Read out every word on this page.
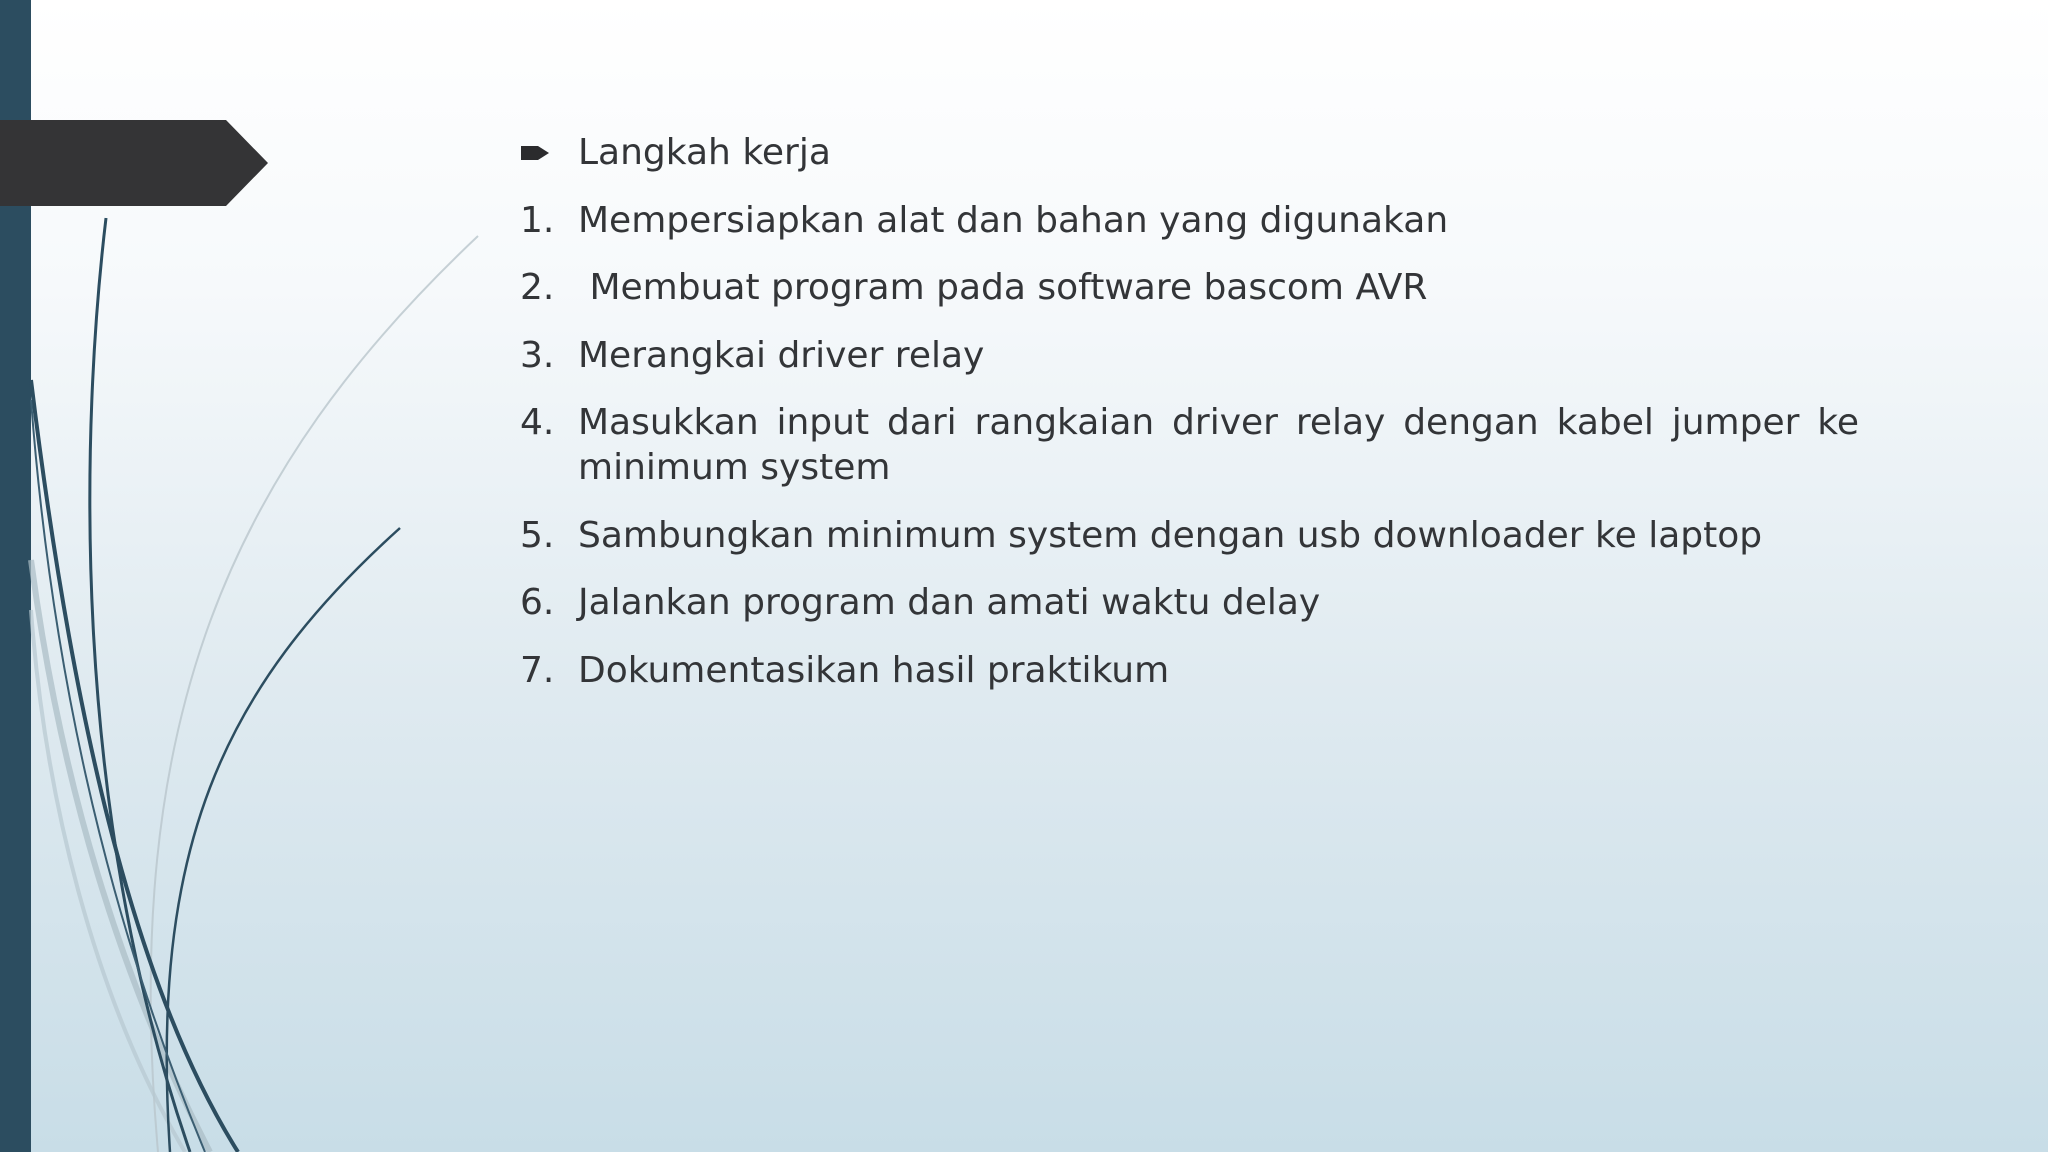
Langkah kerja
1. Mempersiapkan alat dan bahan yang digunakan
2. Membuat program pada software bascom AVR
3. Merangkai driver relay
4. Masukkan input dari rangkaian driver relay dengan kabel jumper ke minimum system
5. Sambungkan minimum system dengan usb downloader ke laptop
6. Jalankan program dan amati waktu delay
7. Dokumentasikan hasil praktikum
